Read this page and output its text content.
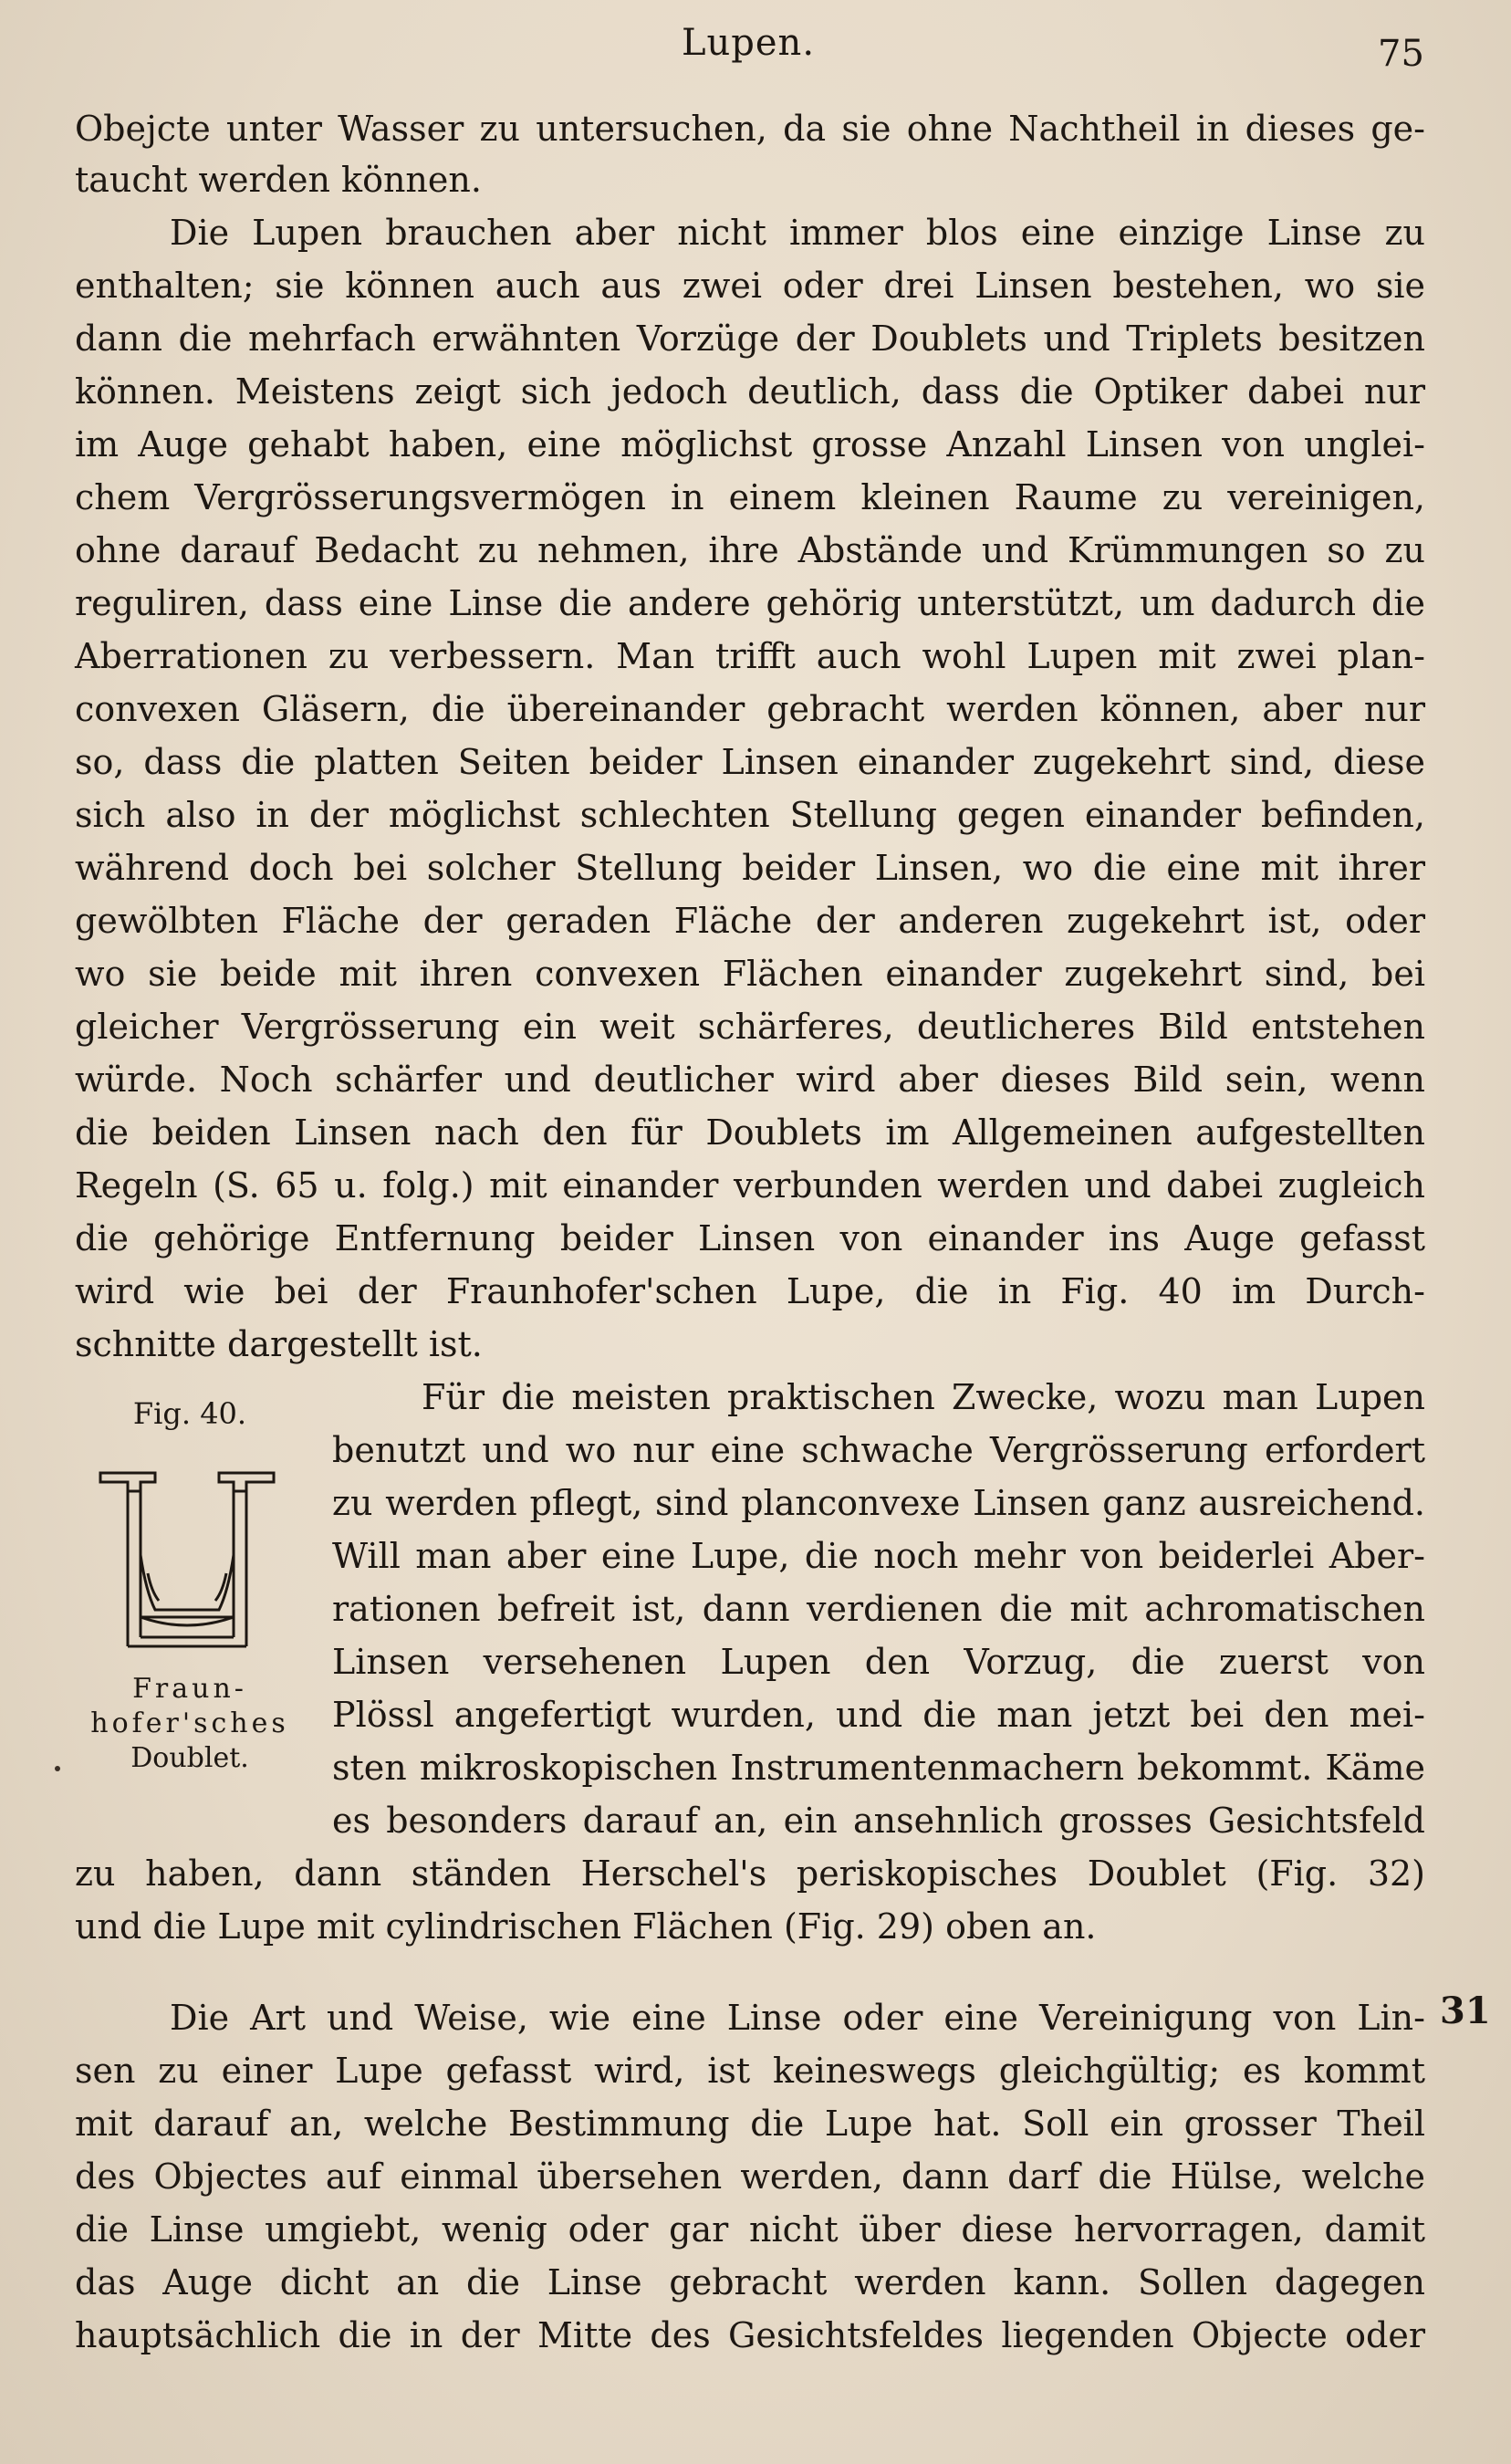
Lupen.	75
Obejcte unter Wasser zu untersuchen, da sie ohne Nachtheil in dieses ge-
taucht werden können.
Die Lupen brauchen aber nicht immer blos eine einzige Linse zu
enthalten; sie können auch aus zwei oder drei Linsen bestehen, wo sie
dann die mehrfach erwähnten Vorzüge der Doublets und Triplets besitzen
können. Meistens zeigt sich jedoch deutlich, dass die Optiker dabei nur
im Auge gehabt haben, eine möglichst grosse Anzahl Linsen von unglei-
chem Vergrösserungsvermögen in einem kleinen Raume zu vereinigen,
ohne darauf Bedacht zu nehmen, ihre Abstände und Krümmungen so zu
reguliren, dass eine Linse die andere gehörig unterstützt, um dadurch die
Aberrationen zu verbessern. Man trifft auch wohl Lupen mit zwei plan-
convexen Gläsern, die übereinander gebracht werden können, aber nur
so, dass die platten Seiten beider Linsen einander zugekehrt sind, diese
sich also in der möglichst schlechten Stellung gegen einander befinden,
während doch bei solcher Stellung beider Linsen, wo die eine mit ihrer
gewölbten Fläche der geraden Fläche der anderen zugekehrt ist, oder
wo sie beide mit ihren convexen Flächen einander zugekehrt sind, bei
gleicher Vergrösserung ein weit schärferes, deutlicheres Bild entstehen
würde. Noch schärfer und deutlicher wird aber dieses Bild sein, wenn
die beiden Linsen nach den für Doublets im Allgemeinen aufgestellten
Regeln (S. 65 u. folg.) mit einander verbunden werden und dabei zugleich
die gehörige Entfernung beider Linsen von einander ins Auge gefasst
wird wie bei der Fraunhofer'schen Lupe, die in Fig. 40 im Durch-
schnitte dargestellt ist.
Für die meisten praktischen Zwecke, wozu man Lupen
benutzt und wo nur eine schwache Vergrösserung erfordert
zu werden pflegt, sind planconvexe Linsen ganz ausreichend.
Will man aber eine Lupe, die noch mehr von beiderlei Aber-
rationen befreit ist, dann verdienen die mit achromatischen
Linsen versehenen Lupen den Vorzug, die zuerst von
Plössl angefertigt wurden, und die man jetzt bei den mei-
sten mikroskopischen Instrumentenmachern bekommt. Käme
es besonders darauf an, ein ansehnlich grosses Gesichtsfeld
zu haben, dann ständen Herschel's periskopisches Doublet (Fig. 32)
und die Lupe mit cylindrischen Flächen (Fig. 29) oben an.
Die Art und Weise, wie eine Linse oder eine Vereinigung von Lin-
sen zu einer Lupe gefasst wird, ist keineswegs gleichgültig; es kommt
mit darauf an, welche Bestimmung die Lupe hat. Soll ein grosser Theil
des Objectes auf einmal übersehen werden, dann darf die Hülse, welche
die Linse umgiebt, wenig oder gar nicht über diese hervorragen, damit
das Auge dicht an die Linse gebracht werden kann. Sollen dagegen
hauptsächlich die in der Mitte des Gesichtsfeldes liegenden Objecte oder
31
Fig. 40.
Fraun-
hofer'sches
Doublet.
